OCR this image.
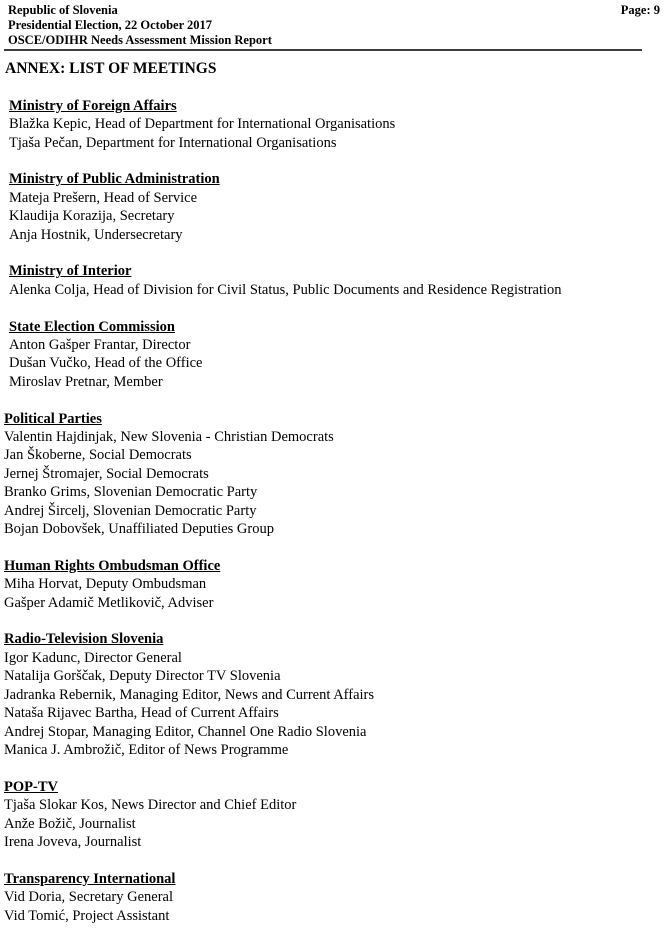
Republic of Slovenia

Presidential Election, 22 October 2017

OSCE/ODIHR Needs Assessment Mission Report

Page: 9

ANNEX: LIST OF MEETINGS

Ministry of Foreign Affairs

Blažka Kepic, Head of Department for International Organisations

Tjaša Pečan, Department for International Organisations

Ministry of Public Administration

Mateja Prešern, Head of Service

Klaudija Korazija, Secretary

Anja Hostnik, Undersecretary

Ministry of Interior

Alenka Colja, Head of Division for Civil Status, Public Documents and Residence Registration

State Election Commission

Anton Gašper Frantar, Director

Dušan Vučko, Head of the Office

Miroslav Pretnar, Member

Political Parties

Valentin Hajdinjak, New Slovenia - Christian Democrats

Jan Škoberne, Social Democrats

Jernej Štromajer, Social Democrats

Branko Grims, Slovenian Democratic Party

Andrej Šircelj, Slovenian Democratic Party

Bojan Dobovšek, Unaffiliated Deputies Group

Human Rights Ombudsman Office

Miha Horvat, Deputy Ombudsman

Gašper Adamič Metlikovič, Adviser

Radio-Television Slovenia

Igor Kadunc, Director General

Natalija Gorščak, Deputy Director TV Slovenia

Jadranka Rebernik, Managing Editor, News and Current Affairs

Nataša Rijavec Bartha, Head of Current Affairs

Andrej Stopar, Managing Editor, Channel One Radio Slovenia

Manica J. Ambrožič, Editor of News Programme

POP-TV

Tjaša Slokar Kos, News Director and Chief Editor

Anže Božič, Journalist

Irena Joveva, Journalist

Transparency International

Vid Doria, Secretary General

Vid Tomić, Project Assistant
